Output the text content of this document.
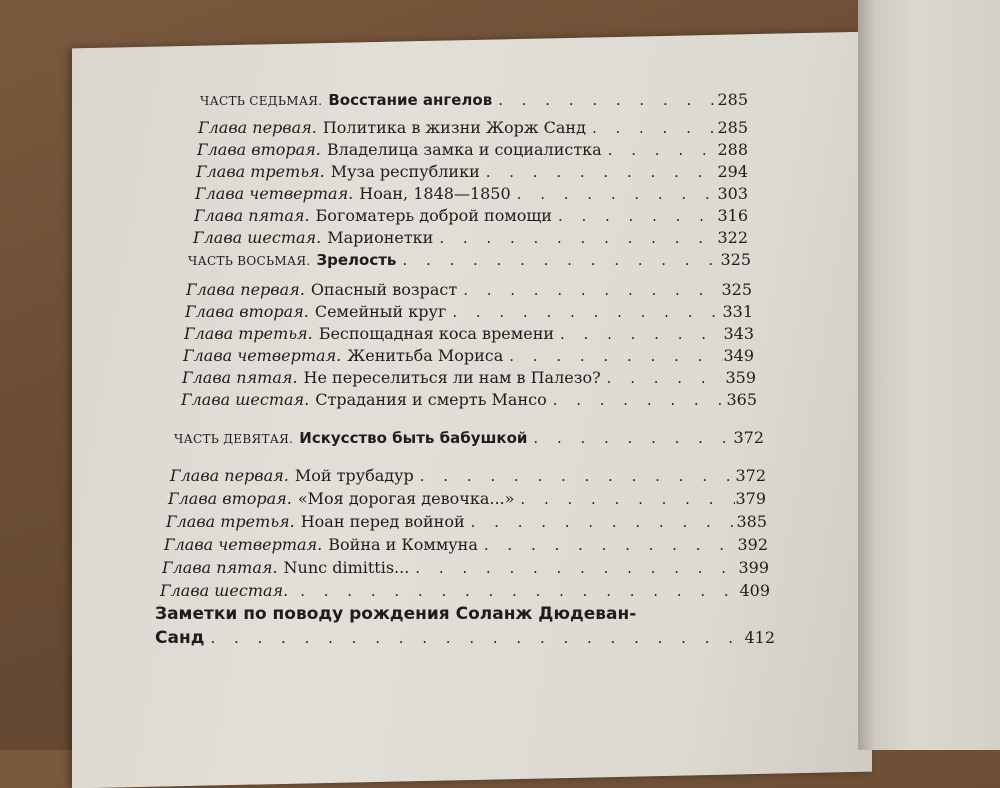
ЧАСТЬ СЕДЬМАЯ. Восстание ангелов . . .	285
Глава первая. Политика в жизни Жорж Санд . . .	285
Глава вторая. Владелица замка и социалистка . . .	288
Глава третья. Муза республики . . .	294
Глава четвертая. Ноан, 1848—1850 . . .	303
Глава пятая. Богоматерь доброй помощи . . .	316
Глава шестая. Марионетки . . .	322
ЧАСТЬ ВОСЬМАЯ. Зрелость . . .	325
Глава первая. Опасный возраст . . .	325
Глава вторая. Семейный круг . . .	331
Глава третья. Беспощадная коса времени . . .	343
Глава четвертая. Женитьба Мориса . . .	349
Глава пятая. Не переселиться ли нам в Палезо? . . .	359
Глава шестая. Страдания и смерть Мансо . . .	365
ЧАСТЬ ДЕВЯТАЯ. Искусство быть бабушкой . . .	372
Глава первая. Мой трубадур . . .	372
Глава вторая. «Моя дорогая девочка...» . . .	379
Глава третья. Ноан перед войной . . .	385
Глава четвертая. Война и Коммуна . . .	392
Глава пятая. Nunc dimittis... . . .	399
Глава шестая. . . .	409
Заметки по поводу рождения Соланж Дюдеван-
Санд . . .	412
